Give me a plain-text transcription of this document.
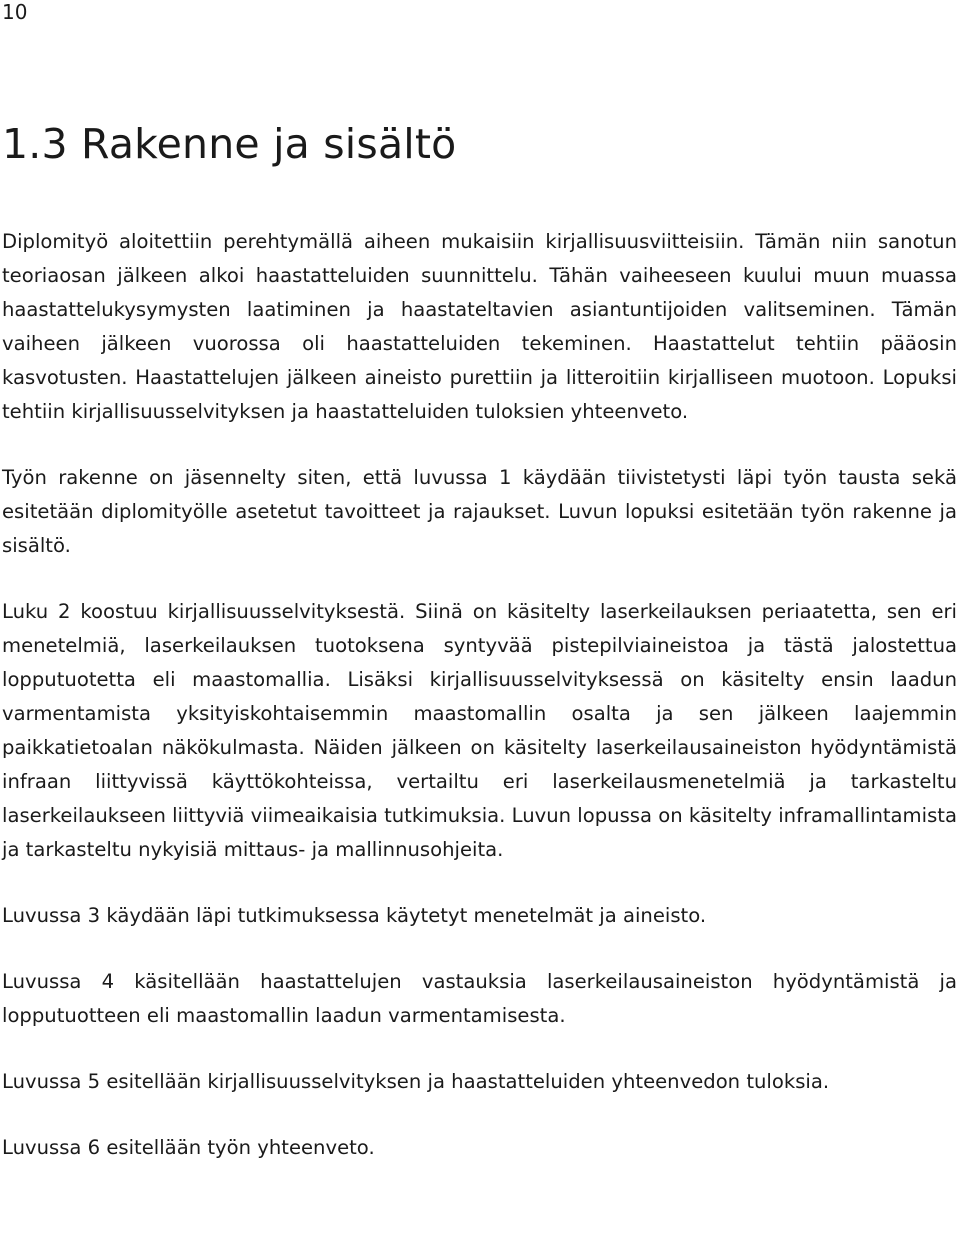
10

1.3 Rakenne ja sisältö

Diplomityö aloitettiin perehtymällä aiheen mukaisiin kirjallisuusviitteisiin. Tämän niin sanotun teoriaosan jälkeen alkoi haastatteluiden suunnittelu. Tähän vaiheeseen kuului muun muassa haastattelukysymysten laatiminen ja haastateltavien asiantuntijoiden valitseminen. Tämän vaiheen jälkeen vuorossa oli haastatteluiden tekeminen. Haastattelut tehtiin pääosin kasvotusten. Haastattelujen jälkeen aineisto purettiin ja litteroitiin kirjalliseen muotoon. Lopuksi tehtiin kirjallisuusselvityksen ja haastatteluiden tuloksien yhteenveto.

Työn rakenne on jäsennelty siten, että luvussa 1 käydään tiivistetysti läpi työn tausta sekä esitetään diplomityölle asetetut tavoitteet ja rajaukset. Luvun lopuksi esitetään työn rakenne ja sisältö.

Luku 2 koostuu kirjallisuusselvityksestä. Siinä on käsitelty laserkeilauksen periaatetta, sen eri menetelmiä, laserkeilauksen tuotoksena syntyvää pistepilviaineistoa ja tästä jalostettua lopputuotetta eli maastomallia. Lisäksi kirjallisuusselvityksessä on käsitelty ensin laadun varmentamista yksityiskohtaisemmin maastomallin osalta ja sen jälkeen laajemmin paikkatietoalan näkökulmasta. Näiden jälkeen on käsitelty laserkeilausaineiston hyödyntämistä infraan liittyvissä käyttökohteissa, vertailtu eri laserkeilausmenetelmiä ja tarkasteltu laserkeilaukseen liittyviä viimeaikaisia tutkimuksia. Luvun lopussa on käsitelty inframallintamista ja tarkasteltu nykyisiä mittaus- ja mallinnusohjeita.

Luvussa 3 käydään läpi tutkimuksessa käytetyt menetelmät ja aineisto.

Luvussa 4 käsitellään haastattelujen vastauksia laserkeilausaineiston hyödyntämistä ja lopputuotteen eli maastomallin laadun varmentamisesta.

Luvussa 5 esitellään kirjallisuusselvityksen ja haastatteluiden yhteenvedon tuloksia.

Luvussa 6 esitellään työn yhteenveto.
